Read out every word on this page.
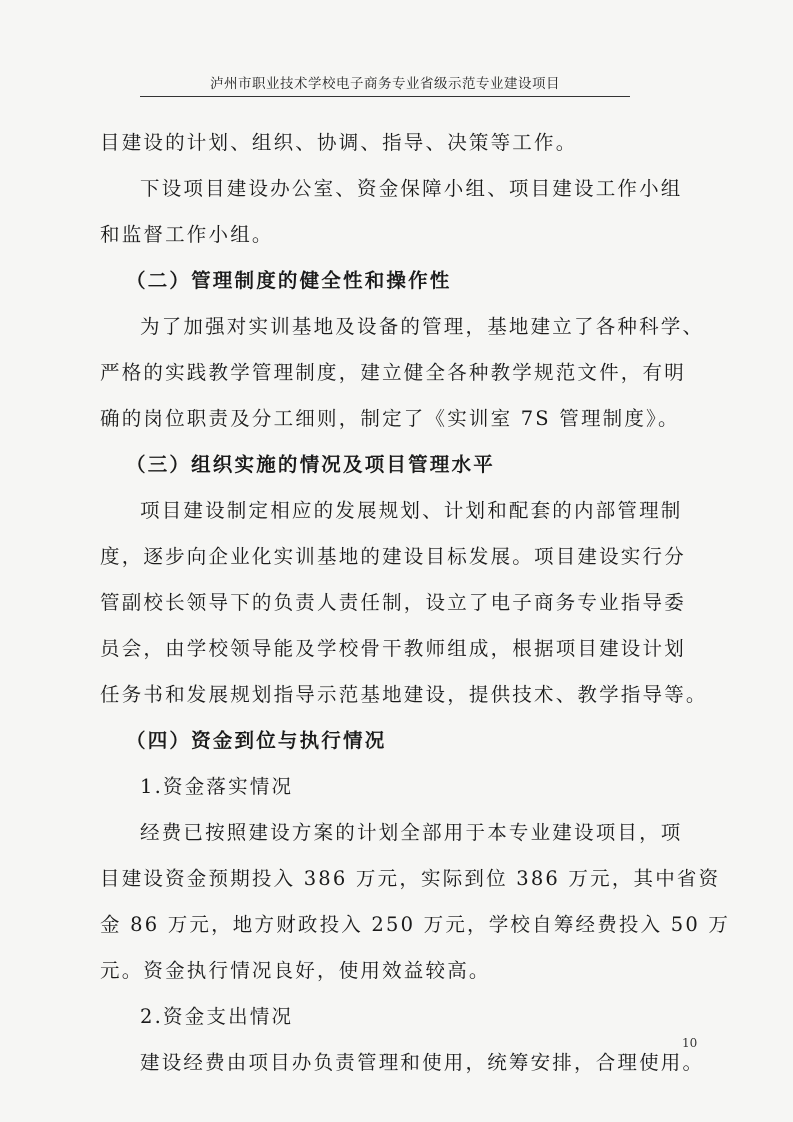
泸州市职业技术学校电子商务专业省级示范专业建设项目
目建设的计划、组织、协调、指导、决策等工作。
下设项目建设办公室、资金保障小组、项目建设工作小组
和监督工作小组。
（二）管理制度的健全性和操作性
为了加强对实训基地及设备的管理，基地建立了各种科学、
严格的实践教学管理制度，建立健全各种教学规范文件，有明
确的岗位职责及分工细则，制定了《实训室 7S 管理制度》。
（三）组织实施的情况及项目管理水平
项目建设制定相应的发展规划、计划和配套的内部管理制
度，逐步向企业化实训基地的建设目标发展。项目建设实行分
管副校长领导下的负责人责任制，设立了电子商务专业指导委
员会，由学校领导能及学校骨干教师组成，根据项目建设计划
任务书和发展规划指导示范基地建设，提供技术、教学指导等。
（四）资金到位与执行情况
1.资金落实情况
经费已按照建设方案的计划全部用于本专业建设项目，项
目建设资金预期投入 386 万元，实际到位 386 万元，其中省资
金 86 万元，地方财政投入 250 万元，学校自筹经费投入 50 万
元。资金执行情况良好，使用效益较高。
2.资金支出情况
建设经费由项目办负责管理和使用，统筹安排，合理使用。
10
